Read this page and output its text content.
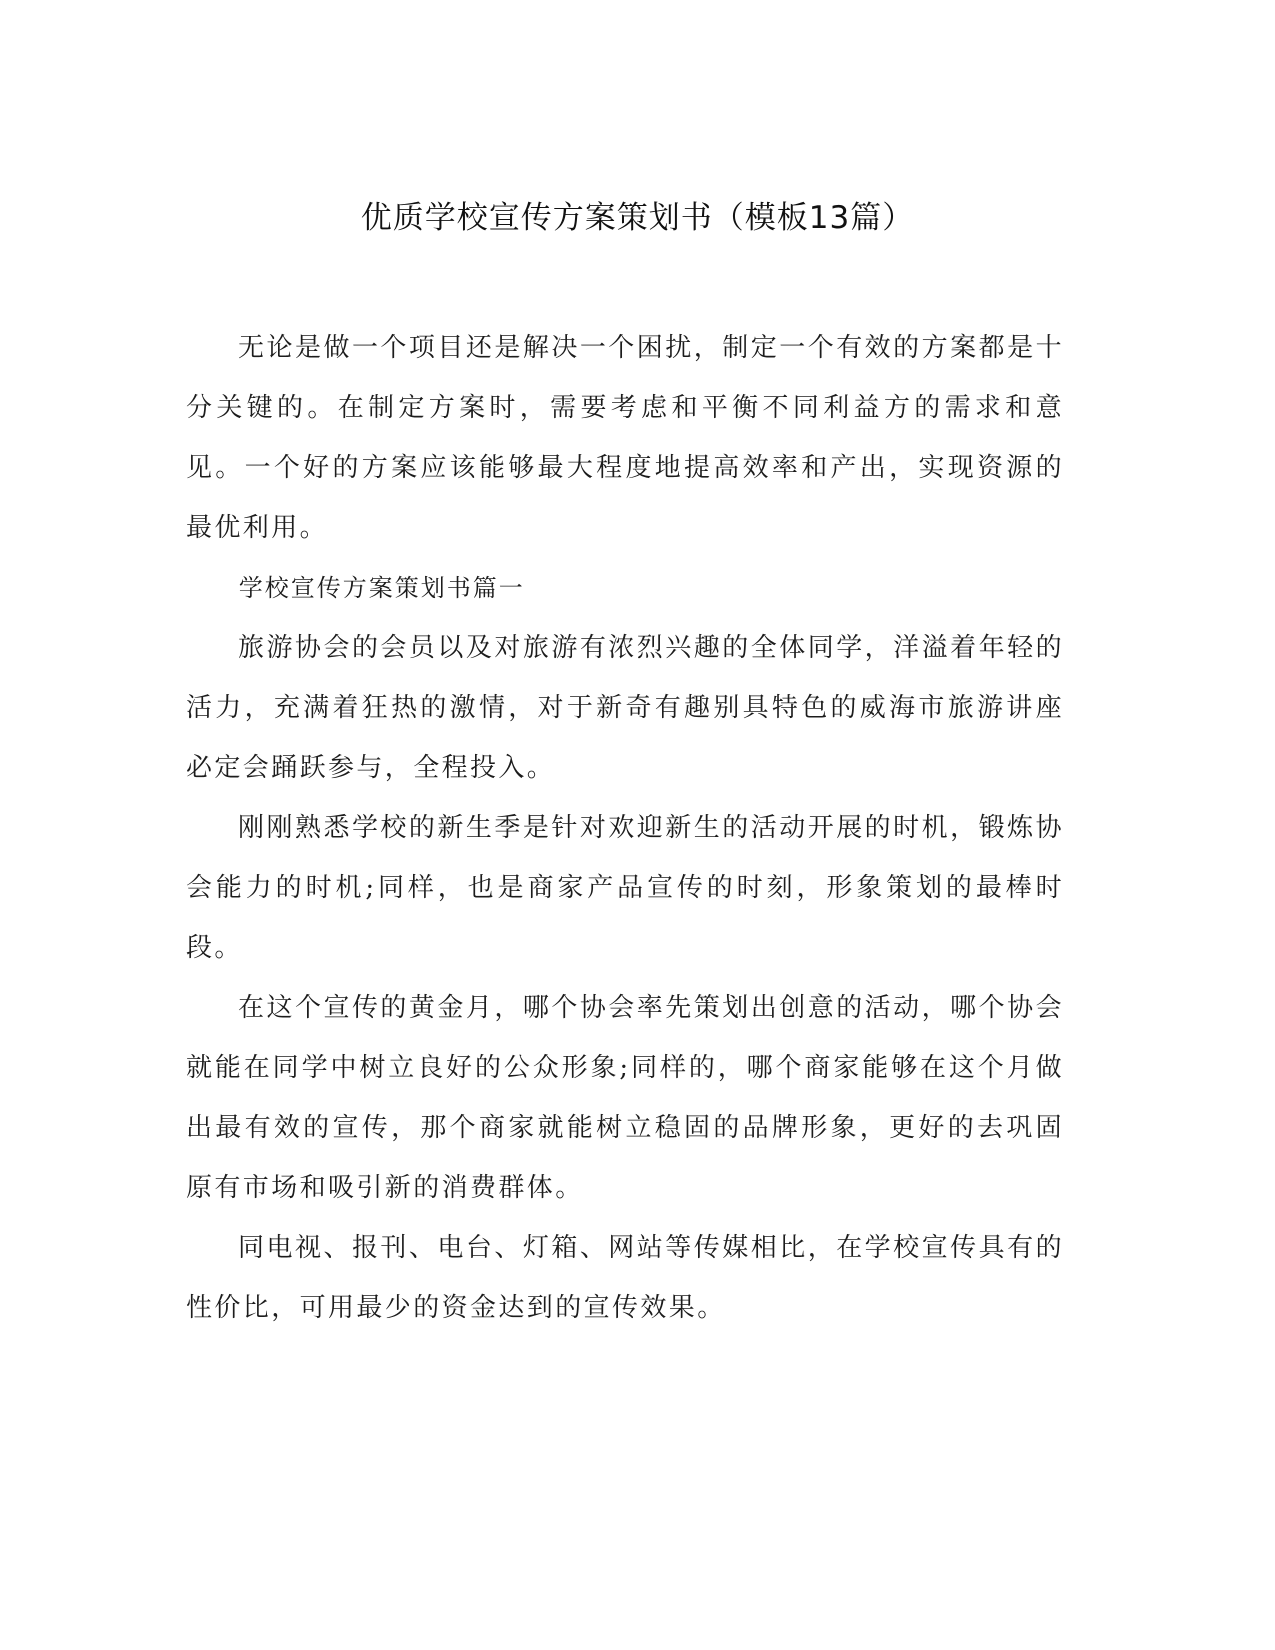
优质学校宣传方案策划书（模板13篇）

无论是做一个项目还是解决一个困扰，制定一个有效的方案都是十分关键的。在制定方案时，需要考虑和平衡不同利益方的需求和意见。一个好的方案应该能够最大程度地提高效率和产出，实现资源的最优利用。

学校宣传方案策划书篇一

旅游协会的会员以及对旅游有浓烈兴趣的全体同学，洋溢着年轻的活力，充满着狂热的激情，对于新奇有趣别具特色的威海市旅游讲座必定会踊跃参与，全程投入。

刚刚熟悉学校的新生季是针对欢迎新生的活动开展的时机，锻炼协会能力的时机;同样，也是商家产品宣传的时刻，形象策划的最棒时段。

在这个宣传的黄金月，哪个协会率先策划出创意的活动，哪个协会就能在同学中树立良好的公众形象;同样的，哪个商家能够在这个月做出最有效的宣传，那个商家就能树立稳固的品牌形象，更好的去巩固原有市场和吸引新的消费群体。

同电视、报刊、电台、灯箱、网站等传媒相比，在学校宣传具有的性价比，可用最少的资金达到的宣传效果。
